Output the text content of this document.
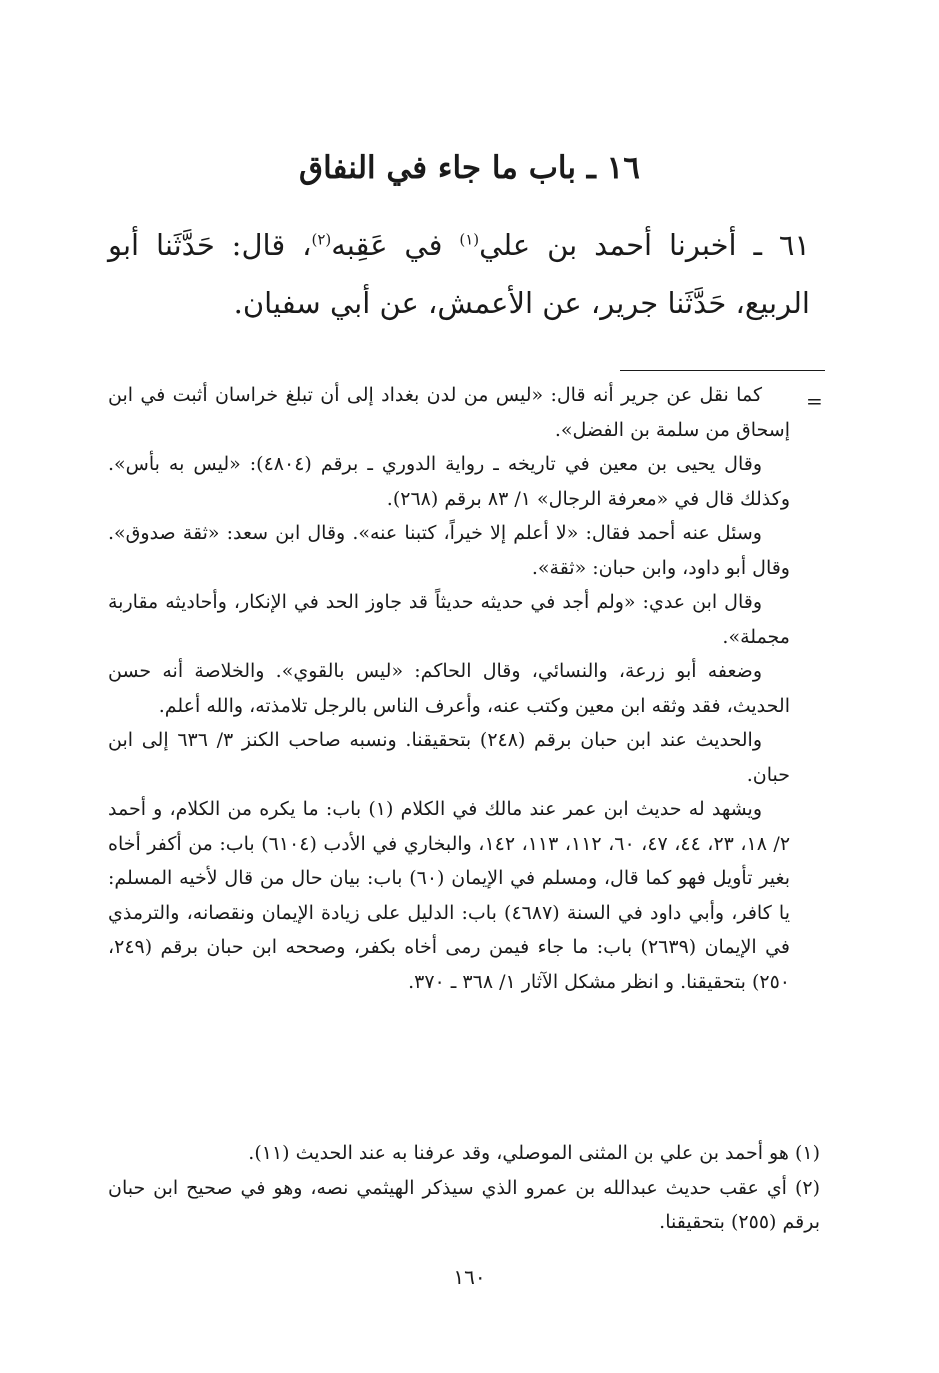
١٦ ـ باب ما جاء في النفاق

٦١ ـ أخبرنا أحمد بن علي$^{(١)}$ في عَقِبه$^{(٢)}$، قال: حَدَّثَنا أبو الربيع، حَدَّثَنا جرير، عن الأعمش، عن أبي سفيان.

=

كما نقل عن جرير أنه قال: «ليس من لدن بغداد إلى أن تبلغ خراسان أثبت في ابن إسحاق من سلمة بن الفضل».

وقال يحيى بن معين في تاريخه ـ رواية الدوري ـ برقم (٤٨٠٤): «ليس به بأس». وكذلك قال في «معرفة الرجال» ١/ ٨٣ برقم (٢٦٨).

وسئل عنه أحمد فقال: «لا أعلم إلا خيراً، كتبنا عنه». وقال ابن سعد: «ثقة صدوق». وقال أبو داود، وابن حبان: «ثقة».

وقال ابن عدي: «ولم أجد في حديثه حديثاً قد جاوز الحد في الإنكار، وأحاديثه مقاربة مجملة».

وضعفه أبو زرعة، والنسائي، وقال الحاكم: «ليس بالقوي». والخلاصة أنه حسن الحديث، فقد وثقه ابن معين وكتب عنه، وأعرف الناس بالرجل تلامذته، والله أعلم.

والحديث عند ابن حبان برقم (٢٤٨) بتحقيقنا. ونسبه صاحب الكنز ٣/ ٦٣٦ إلى ابن حبان.

ويشهد له حديث ابن عمر عند مالك في الكلام (١) باب: ما يكره من الكلام، و أحمد ٢/ ١٨، ٢٣، ٤٤، ٤٧، ٦٠، ١١٢، ١١٣، ١٤٢، والبخاري في الأدب (٦١٠٤) باب: من أكفر أخاه بغير تأويل فهو كما قال، ومسلم في الإيمان (٦٠) باب: بيان حال من قال لأخيه المسلم: يا كافر، وأبي داود في السنة (٤٦٨٧) باب: الدليل على زيادة الإيمان ونقصانه، والترمذي في الإيمان (٢٦٣٩) باب: ما جاء فيمن رمى أخاه بكفر، وصححه ابن حبان برقم (٢٤٩، ٢٥٠) بتحقيقنا. و انظر مشكل الآثار ١/ ٣٦٨ ـ ٣٧٠.

(١) هو أحمد بن علي بن المثنى الموصلي، وقد عرفنا به عند الحديث (١١).

(٢) أي عقب حديث عبدالله بن عمرو الذي سيذكر الهيثمي نصه، وهو في صحيح ابن حبان برقم (٢٥٥) بتحقيقنا.

١٦٠
